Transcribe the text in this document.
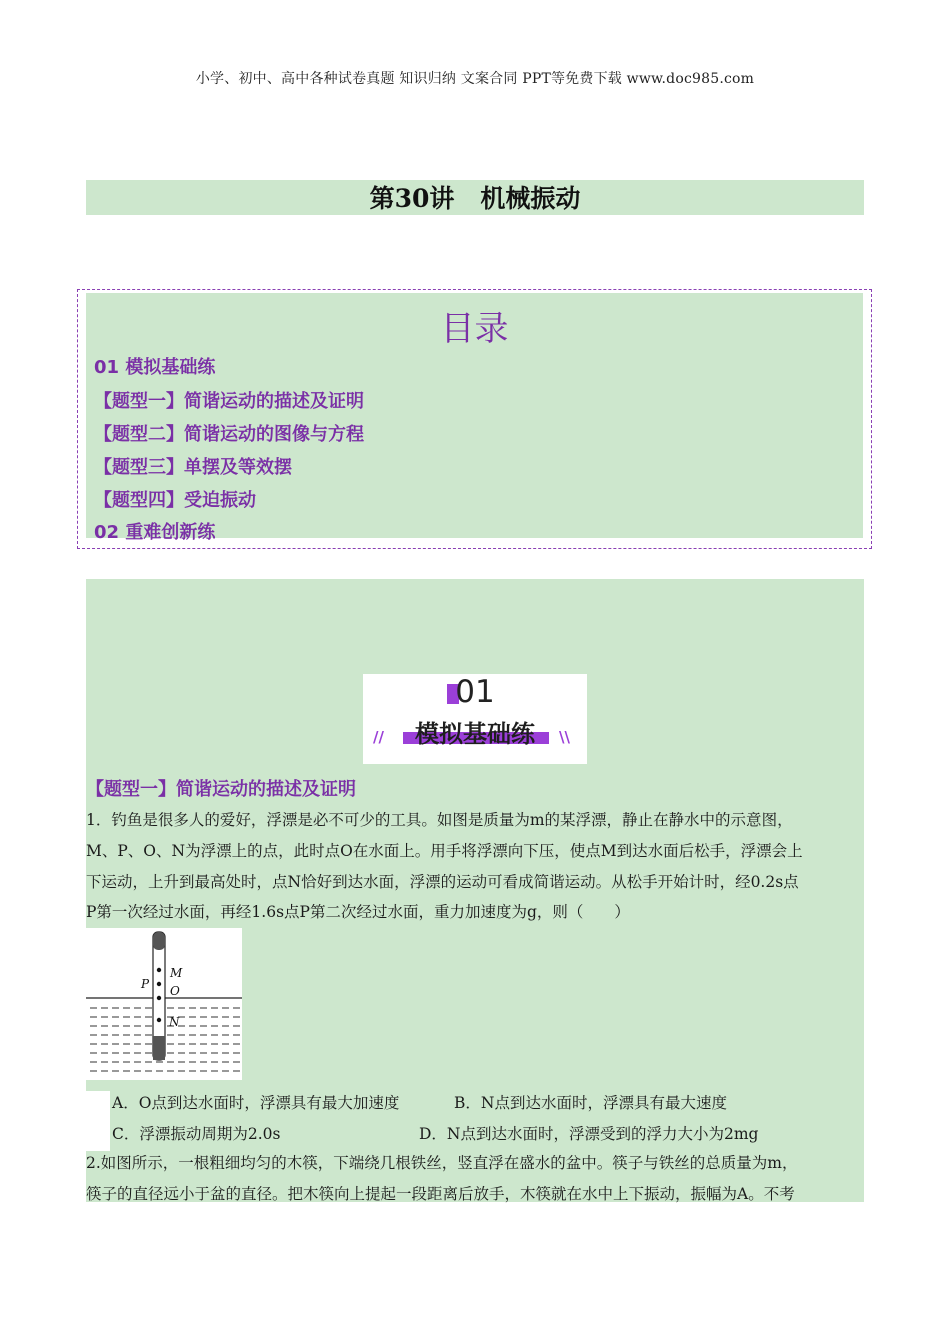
小学、初中、高中各种试卷真题 知识归纳 文案合同 PPT等免费下载 www.doc985.com
第30讲 机械振动
目录
01 模拟基础练
【题型一】简谐运动的描述及证明
【题型二】简谐运动的图像与方程
【题型三】单摆及等效摆
【题型四】受迫振动
02 重难创新练
01
//	\\
模拟基础练
【题型一】简谐运动的描述及证明
1．钓鱼是很多人的爱好，浮漂是必不可少的工具。如图是质量为m的某浮漂，静止在静水中的示意图，
M、P、O、N为浮漂上的点，此时点O在水面上。用手将浮漂向下压，使点M到达水面后松手，浮漂会上
下运动，上升到最高处时，点N恰好到达水面，浮漂的运动可看成简谐运动。从松手开始计时，经0.2s点
P第一次经过水面，再经1.6s点P第二次经过水面，重力加速度为g，则（　　）
M
O
P
N
A．O点到达水面时，浮漂具有最大加速度	B．N点到达水面时，浮漂具有最大速度
C．浮漂振动周期为2.0s	D．N点到达水面时，浮漂受到的浮力大小为2mg
2.如图所示，一根粗细均匀的木筷，下端绕几根铁丝，竖直浮在盛水的盆中。筷子与铁丝的总质量为m，
筷子的直径远小于盆的直径。把木筷向上提起一段距离后放手，木筷就在水中上下振动，振幅为A。不考
